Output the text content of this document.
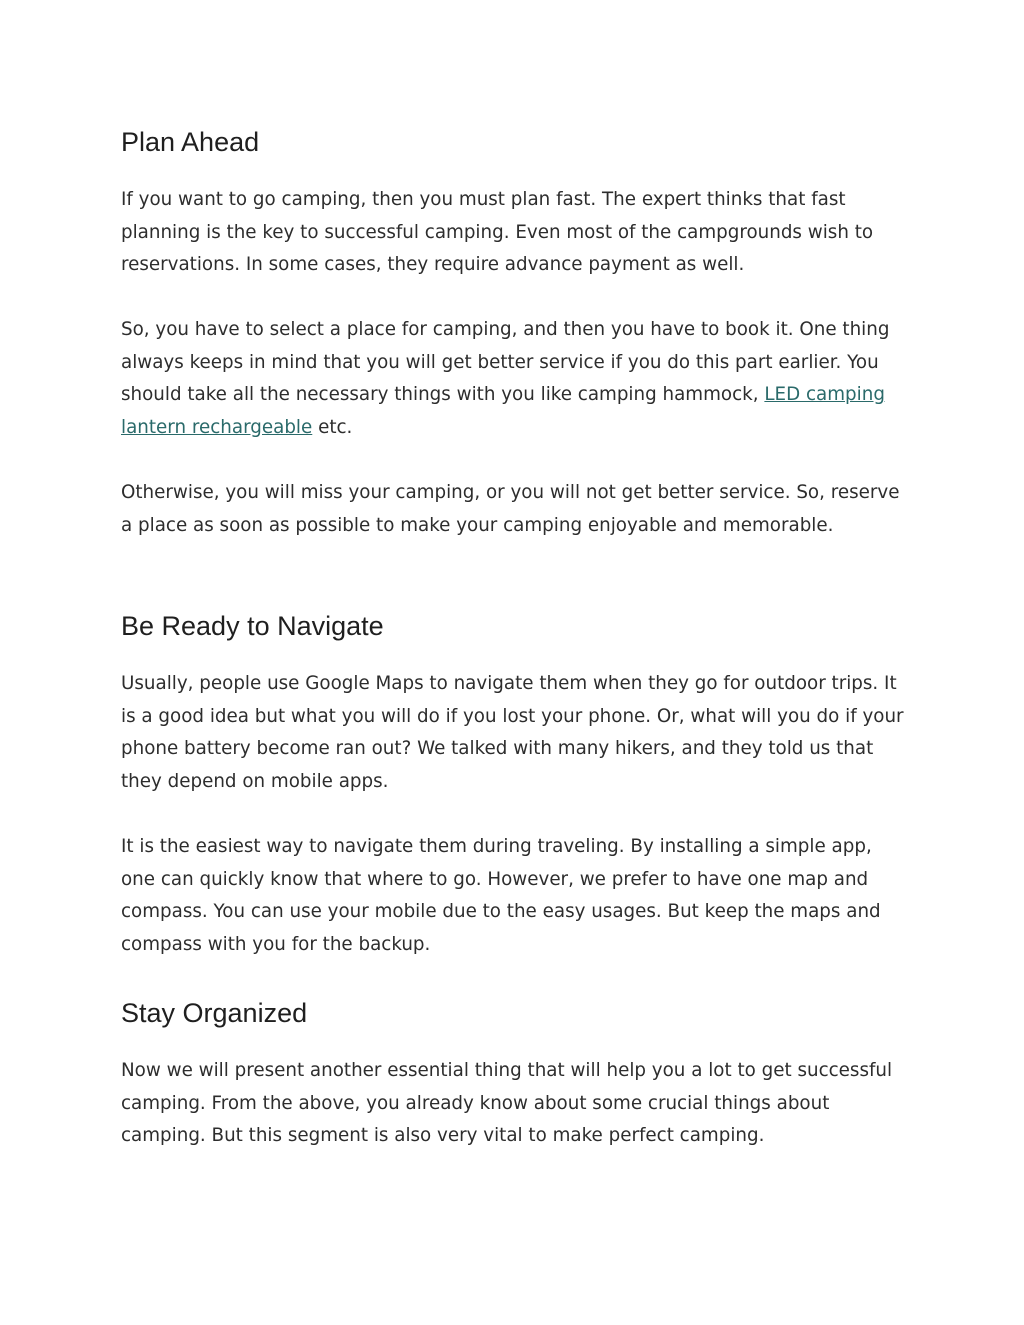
Plan Ahead

If you want to go camping, then you must plan fast. The expert thinks that fast planning is the key to successful camping. Even most of the campgrounds wish to reservations. In some cases, they require advance payment as well.

So, you have to select a place for camping, and then you have to book it. One thing always keeps in mind that you will get better service if you do this part earlier. You should take all the necessary things with you like camping hammock, LED camping lantern rechargeable etc.

Otherwise, you will miss your camping, or you will not get better service. So, reserve a place as soon as possible to make your camping enjoyable and memorable.

Be Ready to Navigate

Usually, people use Google Maps to navigate them when they go for outdoor trips. It is a good idea but what you will do if you lost your phone. Or, what will you do if your phone battery become ran out? We talked with many hikers, and they told us that they depend on mobile apps.

It is the easiest way to navigate them during traveling. By installing a simple app, one can quickly know that where to go. However, we prefer to have one map and compass. You can use your mobile due to the easy usages. But keep the maps and compass with you for the backup.

Stay Organized

Now we will present another essential thing that will help you a lot to get successful camping. From the above, you already know about some crucial things about camping. But this segment is also very vital to make perfect camping.
